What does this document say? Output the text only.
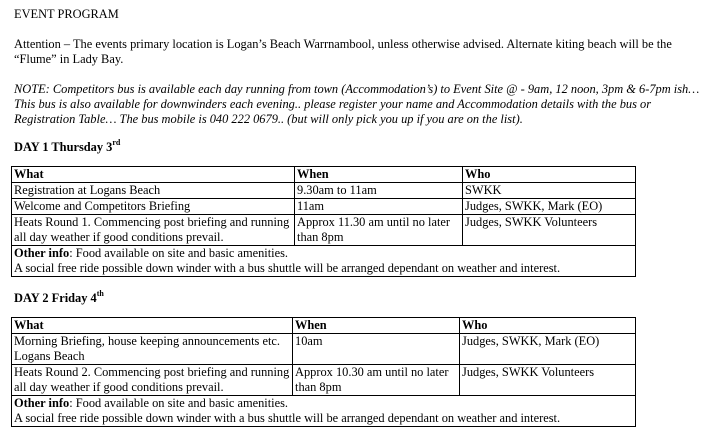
EVENT PROGRAM

Attention – The events primary location is Logan’s Beach Warrnambool, unless otherwise advised. Alternate kiting beach will be the “Flume” in Lady Bay.

NOTE: Competitors bus is available each day running from town (Accommodation’s) to Event Site @ - 9am, 12 noon, 3pm & 6-7pm ish… This bus is also available for downwinders each evening.. please register your name and Accommodation details with the bus or Registration Table… The bus mobile is 040 222 0679.. (but will only pick you up if you are on the list).

DAY 1 Thursday 3rd

What	When	Who
Registration at Logans Beach	9.30am to 11am	SWKK
Welcome and Competitors Briefing	11am	Judges, SWKK, Mark (EO)
Heats Round 1. Commencing post briefing and running all day weather if good conditions prevail.	Approx 11.30 am until no later than 8pm	Judges, SWKK Volunteers
Other info: Food available on site and basic amenities.
A social free ride possible down winder with a bus shuttle will be arranged dependant on weather and interest.		

DAY 2 Friday 4th

What	When	Who
Morning Briefing, house keeping announcements etc. Logans Beach	10am	Judges, SWKK, Mark (EO)
Heats Round 2. Commencing post briefing and running all day weather if good conditions prevail.	Approx 10.30 am until no later than 8pm	Judges, SWKK Volunteers
Other info: Food available on site and basic amenities.
A social free ride possible down winder with a bus shuttle will be arranged dependant on weather and interest.		
